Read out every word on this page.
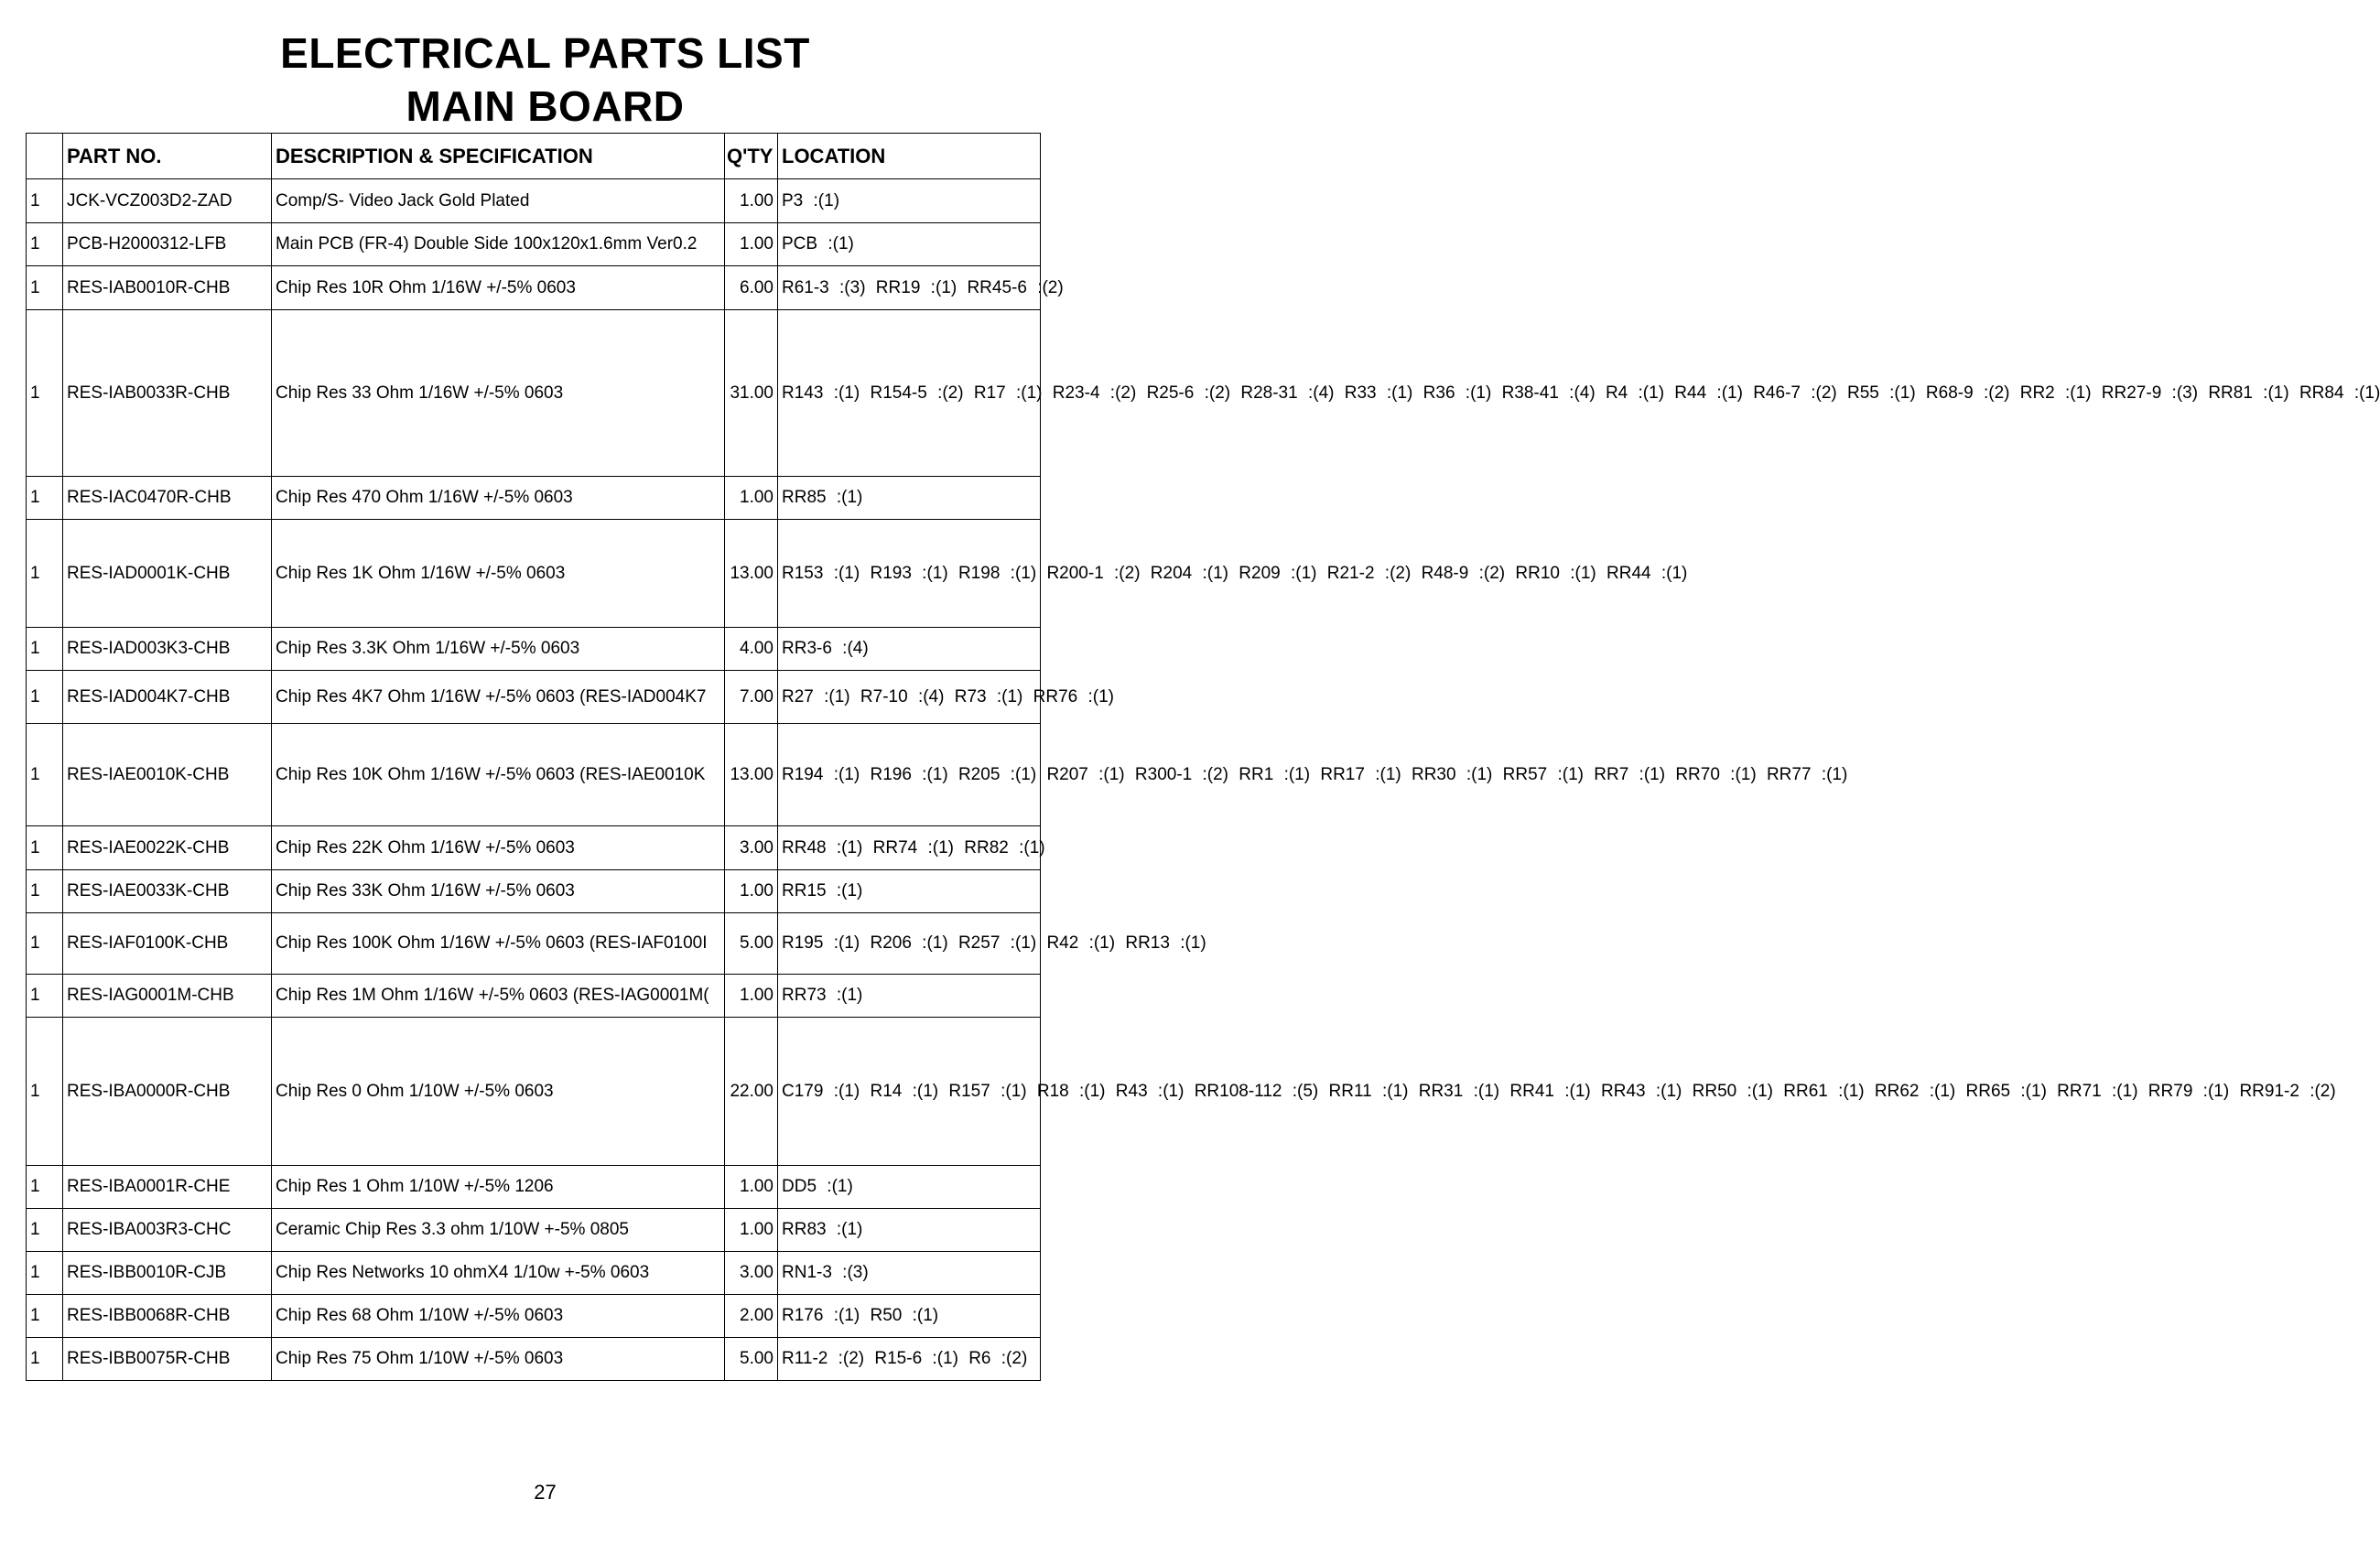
ELECTRICAL PARTS LIST
MAIN BOARD
	PART NO.	DESCRIPTION & SPECIFICATION	Q'TY	LOCATION
1	JCK-VCZ003D2-ZAD	Comp/S- Video Jack Gold Plated	1.00	P3 :(1)
1	PCB-H2000312-LFB	Main PCB (FR-4) Double Side 100x120x1.6mm Ver0.2	1.00	PCB :(1)
1	RES-IAB0010R-CHB	Chip Res 10R Ohm 1/16W +/-5% 0603	6.00	R61-3 :(3) RR19 :(1) RR45-6 :(2)
1	RES-IAB0033R-CHB	Chip Res 33 Ohm 1/16W +/-5% 0603	31.00	R143 :(1) R154-5 :(2) R17 :(1) R23-4 :(2) R25-6 :(2) R28-31 :(4) R33 :(1) R36 :(1) R38-41 :(4) R4 :(1) R44 :(1) R46-7 :(2) R55 :(1) R68-9 :(2) RR2 :(1) RR27-9 :(3) RR81 :(1) RR84 :(1)
1	RES-IAC0470R-CHB	Chip Res 470 Ohm 1/16W +/-5% 0603	1.00	RR85 :(1)
1	RES-IAD0001K-CHB	Chip Res 1K Ohm 1/16W +/-5% 0603	13.00	R153 :(1) R193 :(1) R198 :(1) R200-1 :(2) R204 :(1) R209 :(1) R21-2 :(2) R48-9 :(2) RR10 :(1) RR44 :(1)
1	RES-IAD003K3-CHB	Chip Res 3.3K Ohm 1/16W +/-5% 0603	4.00	RR3-6 :(4)
1	RES-IAD004K7-CHB	Chip Res 4K7 Ohm 1/16W +/-5% 0603 (RES-IAD004K7	7.00	R27 :(1) R7-10 :(4) R73 :(1) RR76 :(1)
1	RES-IAE0010K-CHB	Chip Res 10K Ohm 1/16W +/-5% 0603 (RES-IAE0010K	13.00	R194 :(1) R196 :(1) R205 :(1) R207 :(1) R300-1 :(2) RR1 :(1) RR17 :(1) RR30 :(1) RR57 :(1) RR7 :(1) RR70 :(1) RR77 :(1)
1	RES-IAE0022K-CHB	Chip Res 22K Ohm 1/16W +/-5% 0603	3.00	RR48 :(1) RR74 :(1) RR82 :(1)
1	RES-IAE0033K-CHB	Chip Res 33K Ohm 1/16W +/-5% 0603	1.00	RR15 :(1)
1	RES-IAF0100K-CHB	Chip Res 100K Ohm 1/16W +/-5% 0603 (RES-IAF0100I	5.00	R195 :(1) R206 :(1) R257 :(1) R42 :(1) RR13 :(1)
1	RES-IAG0001M-CHB	Chip Res 1M Ohm 1/16W +/-5% 0603 (RES-IAG0001M(	1.00	RR73 :(1)
1	RES-IBA0000R-CHB	Chip Res 0 Ohm 1/10W +/-5% 0603	22.00	C179 :(1) R14 :(1) R157 :(1) R18 :(1) R43 :(1) RR108-112 :(5) RR11 :(1) RR31 :(1) RR41 :(1) RR43 :(1) RR50 :(1) RR61 :(1) RR62 :(1) RR65 :(1) RR71 :(1) RR79 :(1) RR91-2 :(2)
1	RES-IBA0001R-CHE	Chip Res 1 Ohm 1/10W +/-5% 1206	1.00	DD5 :(1)
1	RES-IBA003R3-CHC	Ceramic Chip Res 3.3 ohm 1/10W +-5% 0805	1.00	RR83 :(1)
1	RES-IBB0010R-CJB	Chip Res Networks 10 ohmX4 1/10w +-5% 0603	3.00	RN1-3 :(3)
1	RES-IBB0068R-CHB	Chip Res 68 Ohm 1/10W +/-5% 0603	2.00	R176 :(1) R50 :(1)
1	RES-IBB0075R-CHB	Chip Res 75 Ohm 1/10W +/-5% 0603	5.00	R11-2 :(2) R15-6 :(1) R6 :(2)
27
